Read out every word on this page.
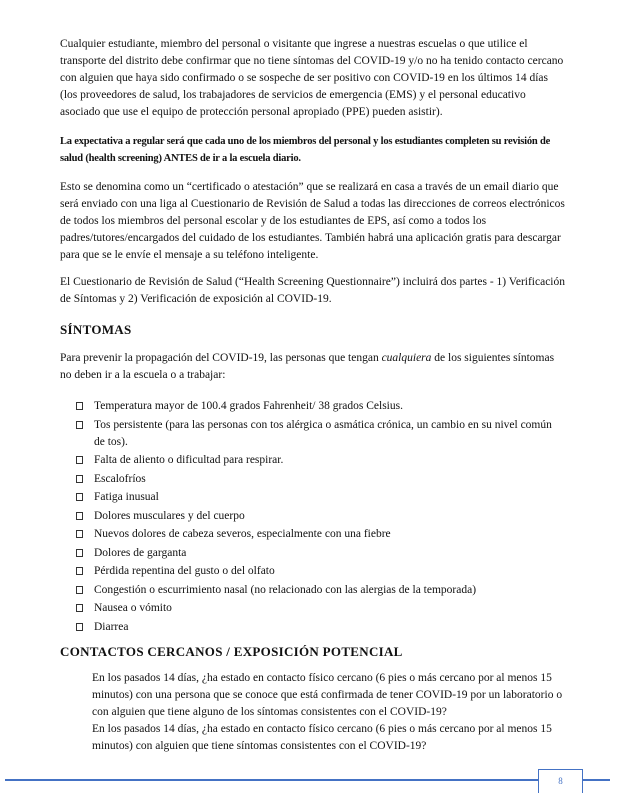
Cualquier estudiante, miembro del personal o visitante que ingrese a nuestras escuelas o que utilice el transporte del distrito debe confirmar que no tiene síntomas del COVID-19 y/o no ha tenido contacto cercano con alguien que haya sido confirmado o se sospeche de ser positivo con COVID-19 en los últimos 14 días (los proveedores de salud, los trabajadores de servicios de emergencia (EMS) y el personal educativo asociado que use el equipo de protección personal apropiado (PPE) pueden asistir).

La expectativa a regular será que cada uno de los miembros del personal y los estudiantes completen su revisión de salud (health screening) ANTES de ir a la escuela diario.

Esto se denomina como un “certificado o atestación” que se realizará en casa a través de un email diario que será enviado con una liga al Cuestionario de Revisión de Salud a todas las direcciones de correos electrónicos de todos los miembros del personal escolar y de los estudiantes de EPS, así como a todos los padres/tutores/encargados del cuidado de los estudiantes. También habrá una aplicación gratis para descargar para que se le envíe el mensaje a su teléfono inteligente.

El Cuestionario de Revisión de Salud (“Health Screening Questionnaire”) incluirá dos partes - 1) Verificación de Síntomas y 2) Verificación de exposición al COVID-19.

SÍNTOMAS

Para prevenir la propagación del COVID-19, las personas que tengan cualquiera de los siguientes síntomas no deben ir a la escuela o a trabajar:

Temperatura mayor de 100.4 grados Fahrenheit/ 38 grados Celsius.
Tos persistente (para las personas con tos alérgica o asmática crónica, un cambio en su nivel común de tos).
Falta de aliento o dificultad para respirar.
Escalofríos
Fatiga inusual
Dolores musculares y del cuerpo
Nuevos dolores de cabeza severos, especialmente con una fiebre
Dolores de garganta
Pérdida repentina del gusto o del olfato
Congestión o escurrimiento nasal (no relacionado con las alergias de la temporada)
Nausea o vómito
Diarrea
CONTACTOS CERCANOS / EXPOSICIÓN POTENCIAL

En los pasados 14 días, ¿ha estado en contacto físico cercano (6 pies o más cercano por al menos 15 minutos) con una persona que se conoce que está confirmada de tener COVID-19 por un laboratorio o con alguien que tiene alguno de los síntomas consistentes con el COVID-19?

En los pasados 14 días, ¿ha estado en contacto físico cercano (6 pies o más cercano por al menos 15 minutos) con alguien que tiene síntomas consistentes con el COVID-19?

8
